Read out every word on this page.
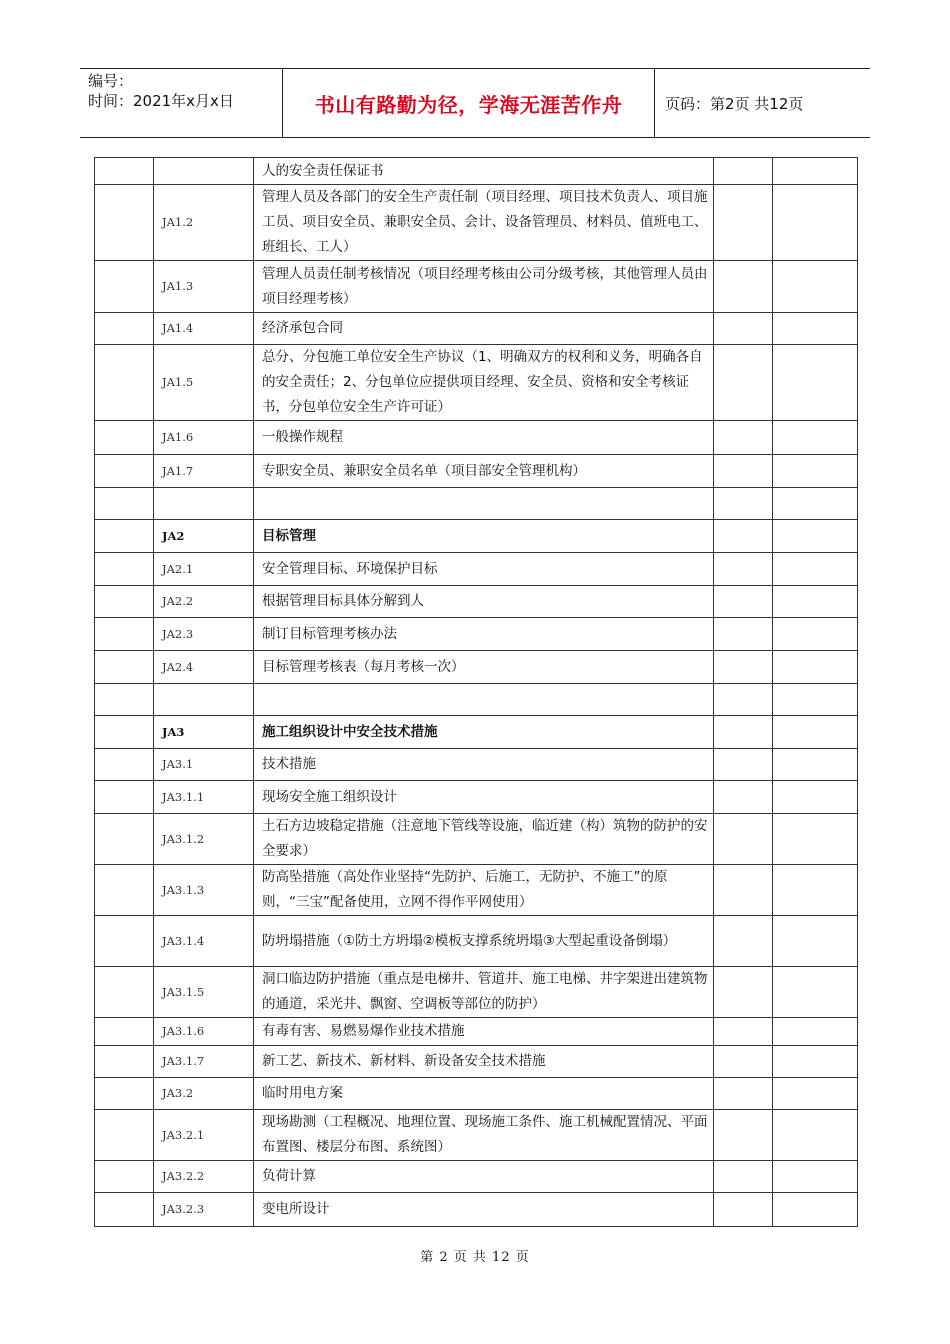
编号：
时间：2021年x月x日	书山有路勤为径，学海无涯苦作舟	页码：第2页 共12页
		人的安全责任保证书		
	JA1.2	管理人员及各部门的安全生产责任制（项目经理、项目技术负责人、项目施工员、项目安全员、兼职安全员、会计、设备管理员、材料员、值班电工、班组长、工人）		
	JA1.3	管理人员责任制考核情况（项目经理考核由公司分级考核，其他管理人员由项目经理考核）		
	JA1.4	经济承包合同		
	JA1.5	总分、分包施工单位安全生产协议（1、明确双方的权利和义务，明确各自的安全责任；2、分包单位应提供项目经理、安全员、资格和安全考核证书，分包单位安全生产许可证）		
	JA1.6	一般操作规程		
	JA1.7	专职安全员、兼职安全员名单（项目部安全管理机构）		

	JA2	目标管理		
	JA2.1	安全管理目标、环境保护目标		
	JA2.2	根据管理目标具体分解到人		
	JA2.3	制订目标管理考核办法		
	JA2.4	目标管理考核表（每月考核一次）		

	JA3	施工组织设计中安全技术措施		
	JA3.1	技术措施		
	JA3.1.1	现场安全施工组织设计		
	JA3.1.2	土石方边坡稳定措施（注意地下管线等设施，临近建（构）筑物的防护的安全要求）		
	JA3.1.3	防高坠措施（高处作业坚持“先防护、后施工，无防护、不施工”的原则，“三宝”配备使用，立网不得作平网使用）		
	JA3.1.4	防坍塌措施（①防土方坍塌②模板支撑系统坍塌③大型起重设备倒塌）		
	JA3.1.5	洞口临边防护措施（重点是电梯井、管道井、施工电梯、井字架进出建筑物的通道，采光井、飘窗、空调板等部位的防护）		
	JA3.1.6	有毒有害、易燃易爆作业技术措施		
	JA3.1.7	新工艺、新技术、新材料、新设备安全技术措施		
	JA3.2	临时用电方案		
	JA3.2.1	现场勘测（工程概况、地理位置、现场施工条件、施工机械配置情况、平面布置图、楼层分布图、系统图）		
	JA3.2.2	负荷计算		
	JA3.2.3	变电所设计		
第 2 页 共 12 页
